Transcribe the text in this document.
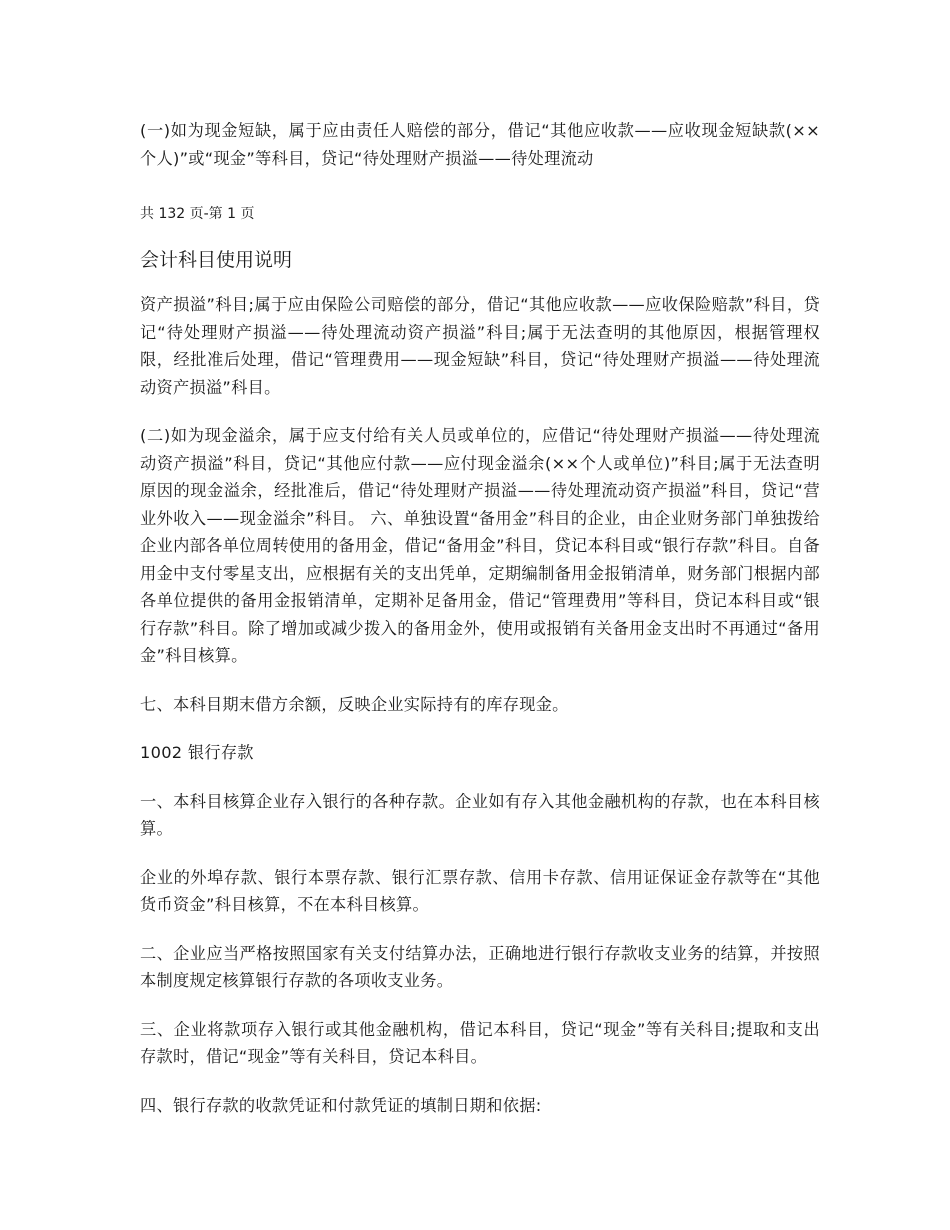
(一)如为现金短缺，属于应由责任人赔偿的部分，借记“其他应收款——应收现金短缺款(××个人)”或“现金”等科目，贷记“待处理财产损溢——待处理流动

共 132 页-第 1 页
会计科目使用说明

资产损溢”科目;属于应由保险公司赔偿的部分，借记“其他应收款——应收保险赔款”科目，贷记“待处理财产损溢——待处理流动资产损溢”科目;属于无法查明的其他原因，根据管理权限，经批准后处理，借记“管理费用——现金短缺”科目，贷记“待处理财产损溢——待处理流动资产损溢”科目。

(二)如为现金溢余，属于应支付给有关人员或单位的，应借记“待处理财产损溢——待处理流动资产损溢”科目，贷记“其他应付款——应付现金溢余(××个人或单位)”科目;属于无法查明原因的现金溢余，经批准后，借记“待处理财产损溢——待处理流动资产损溢”科目，贷记“营业外收入——现金溢余”科目。 六、单独设置“备用金”科目的企业，由企业财务部门单独拨给企业内部各单位周转使用的备用金，借记“备用金”科目，贷记本科目或“银行存款”科目。自备用金中支付零星支出，应根据有关的支出凭单，定期编制备用金报销清单，财务部门根据内部各单位提供的备用金报销清单，定期补足备用金，借记“管理费用”等科目，贷记本科目或“银行存款”科目。除了增加或减少拨入的备用金外，使用或报销有关备用金支出时不再通过“备用金”科目核算。

七、本科目期末借方余额，反映企业实际持有的库存现金。

1002 银行存款

一、本科目核算企业存入银行的各种存款。企业如有存入其他金融机构的存款，也在本科目核算。

企业的外埠存款、银行本票存款、银行汇票存款、信用卡存款、信用证保证金存款等在“其他货币资金”科目核算，不在本科目核算。

二、企业应当严格按照国家有关支付结算办法，正确地进行银行存款收支业务的结算，并按照本制度规定核算银行存款的各项收支业务。

三、企业将款项存入银行或其他金融机构，借记本科目，贷记“现金”等有关科目;提取和支出存款时，借记“现金”等有关科目，贷记本科目。

四、银行存款的收款凭证和付款凭证的填制日期和依据:
